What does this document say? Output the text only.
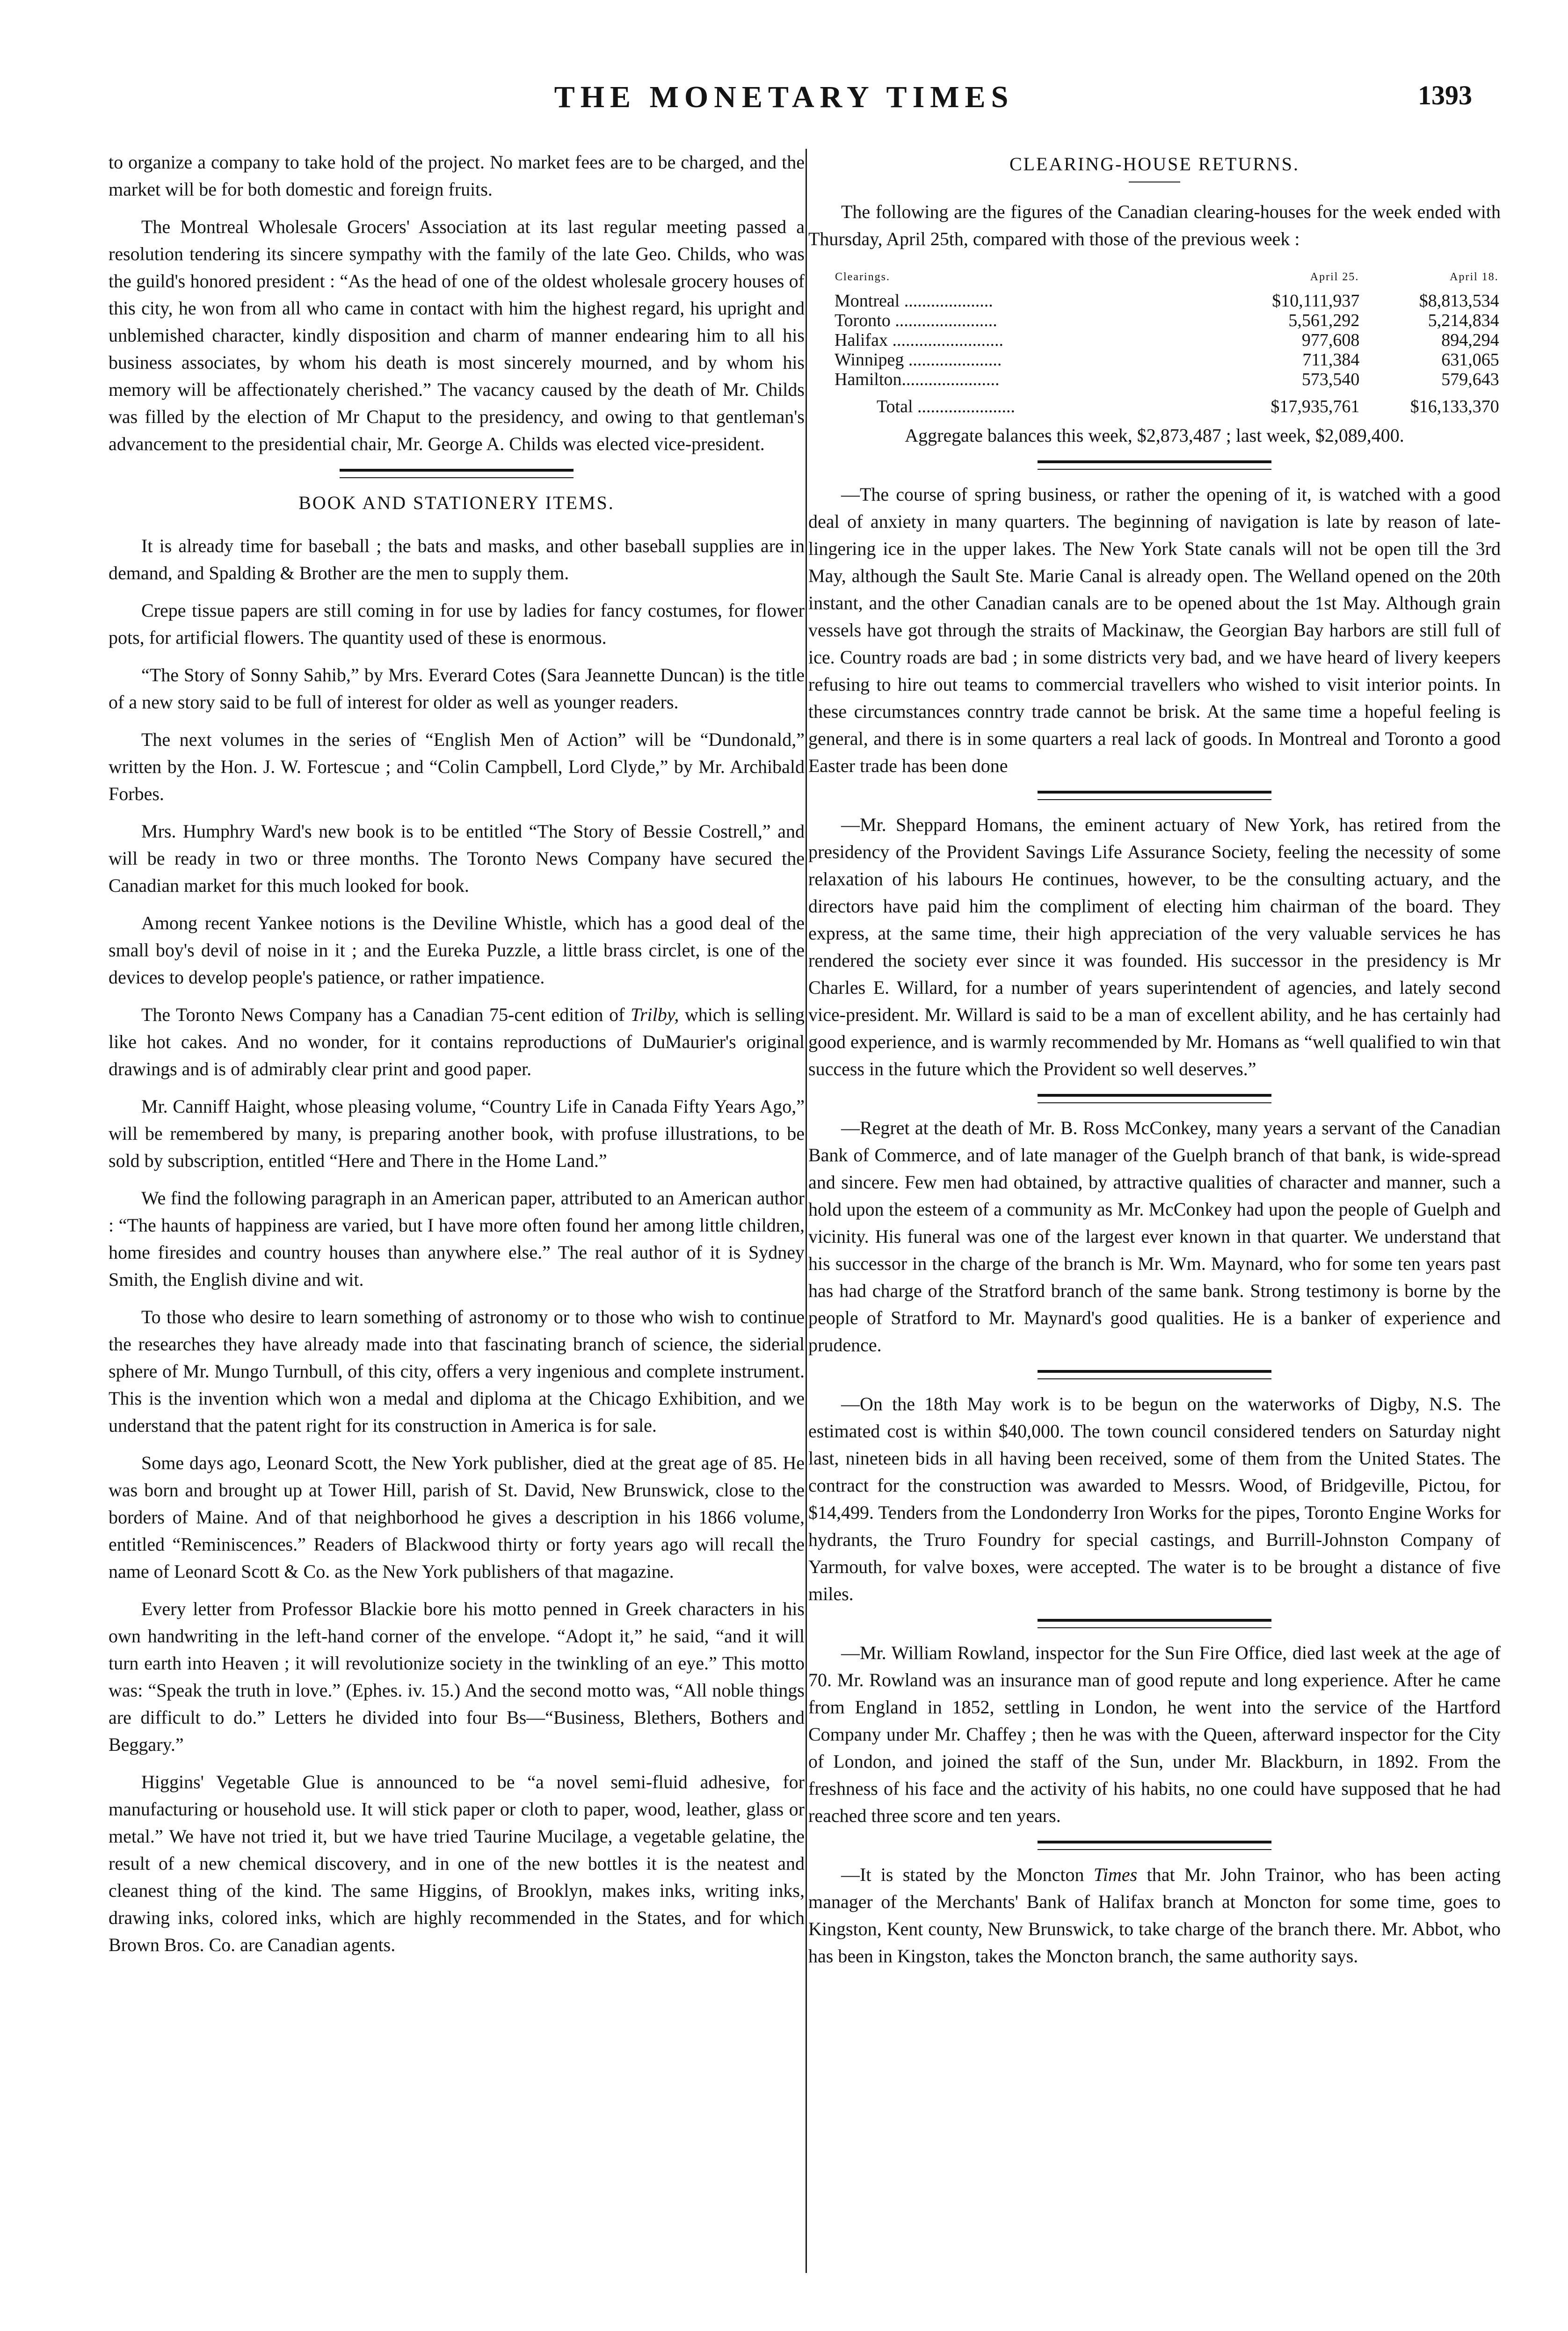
THE MONETARY TIMES	1393

to organize a company to take hold of the project. No market fees are to be charged, and the market will be for both domestic and foreign fruits.

The Montreal Wholesale Grocers' Association at its last regular meeting passed a resolution tendering its sincere sympathy with the family of the late Geo. Childs, who was the guild's honored president : “As the head of one of the oldest wholesale grocery houses of this city, he won from all who came in contact with him the highest regard, his upright and unblemished character, kindly disposition and charm of manner endearing him to all his business associates, by whom his death is most sincerely mourned, and by whom his memory will be affectionately cherished.” The vacancy caused by the death of Mr. Childs was filled by the election of Mr Chaput to the presidency, and owing to that gentleman's advancement to the presidential chair, Mr. George A. Childs was elected vice-president.

BOOK AND STATIONERY ITEMS.

It is already time for baseball ; the bats and masks, and other baseball supplies are in demand, and Spalding & Brother are the men to supply them.

Crepe tissue papers are still coming in for use by ladies for fancy costumes, for flower pots, for artificial flowers. The quantity used of these is enormous.

“The Story of Sonny Sahib,” by Mrs. Everard Cotes (Sara Jeannette Duncan) is the title of a new story said to be full of interest for older as well as younger readers.

The next volumes in the series of “English Men of Action” will be “Dundonald,” written by the Hon. J. W. Fortescue ; and “Colin Campbell, Lord Clyde,” by Mr. Archibald Forbes.

Mrs. Humphry Ward's new book is to be entitled “The Story of Bessie Costrell,” and will be ready in two or three months. The Toronto News Company have secured the Canadian market for this much looked for book.

Among recent Yankee notions is the Deviline Whistle, which has a good deal of the small boy's devil of noise in it ; and the Eureka Puzzle, a little brass circlet, is one of the devices to develop people's patience, or rather impatience.

The Toronto News Company has a Canadian 75-cent edition of Trilby, which is selling like hot cakes. And no wonder, for it contains reproductions of DuMaurier's original drawings and is of admirably clear print and good paper.

Mr. Canniff Haight, whose pleasing volume, “Country Life in Canada Fifty Years Ago,” will be remembered by many, is preparing another book, with profuse illustrations, to be sold by subscription, entitled “Here and There in the Home Land.”

We find the following paragraph in an American paper, attributed to an American author : “The haunts of happiness are varied, but I have more often found her among little children, home firesides and country houses than anywhere else.” The real author of it is Sydney Smith, the English divine and wit.

To those who desire to learn something of astronomy or to those who wish to continue the researches they have already made into that fascinating branch of science, the siderial sphere of Mr. Mungo Turnbull, of this city, offers a very ingenious and complete instrument. This is the invention which won a medal and diploma at the Chicago Exhibition, and we understand that the patent right for its construction in America is for sale.

Some days ago, Leonard Scott, the New York publisher, died at the great age of 85. He was born and brought up at Tower Hill, parish of St. David, New Brunswick, close to the borders of Maine. And of that neighborhood he gives a description in his 1866 volume, entitled “Reminiscences.” Readers of Blackwood thirty or forty years ago will recall the name of Leonard Scott & Co. as the New York publishers of that magazine.

Every letter from Professor Blackie bore his motto penned in Greek characters in his own handwriting in the left-hand corner of the envelope. “Adopt it,” he said, “and it will turn earth into Heaven ; it will revolutionize society in the twinkling of an eye.” This motto was: “Speak the truth in love.” (Ephes. iv. 15.) And the second motto was, “All noble things are difficult to do.” Letters he divided into four Bs—“Business, Blethers, Bothers and Beggary.”

Higgins' Vegetable Glue is announced to be “a novel semi-fluid adhesive, for manufacturing or household use. It will stick paper or cloth to paper, wood, leather, glass or metal.” We have not tried it, but we have tried Taurine Mucilage, a vegetable gelatine, the result of a new chemical discovery, and in one of the new bottles it is the neatest and cleanest thing of the kind. The same Higgins, of Brooklyn, makes inks, writing inks, drawing inks, colored inks, which are highly recommended in the States, and for which Brown Bros. Co. are Canadian agents.

CLEARING-HOUSE RETURNS.

The following are the figures of the Canadian clearing-houses for the week ended with Thursday, April 25th, compared with those of the previous week :

Clearings.	April 25.	April 18.
Montreal ....................	$10,111,937	$8,813,534
Toronto .......................	5,561,292	5,214,834
Halifax .........................	977,608	894,294
Winnipeg .....................	711,384	631,065
Hamilton......................	573,540	579,643
Total ......................	$17,935,761	$16,133,370
Aggregate balances this week, $2,873,487 ; last week, $2,089,400.

—The course of spring business, or rather the opening of it, is watched with a good deal of anxiety in many quarters. The beginning of navigation is late by reason of late-lingering ice in the upper lakes. The New York State canals will not be open till the 3rd May, although the Sault Ste. Marie Canal is already open. The Welland opened on the 20th instant, and the other Canadian canals are to be opened about the 1st May. Although grain vessels have got through the straits of Mackinaw, the Georgian Bay harbors are still full of ice. Country roads are bad ; in some districts very bad, and we have heard of livery keepers refusing to hire out teams to commercial travellers who wished to visit interior points. In these circumstances conntry trade cannot be brisk. At the same time a hopeful feeling is general, and there is in some quarters a real lack of goods. In Montreal and Toronto a good Easter trade has been done

—Mr. Sheppard Homans, the eminent actuary of New York, has retired from the presidency of the Provident Savings Life Assurance Society, feeling the necessity of some relaxation of his labours He continues, however, to be the consulting actuary, and the directors have paid him the compliment of electing him chairman of the board. They express, at the same time, their high appreciation of the very valuable services he has rendered the society ever since it was founded. His successor in the presidency is Mr Charles E. Willard, for a number of years superintendent of agencies, and lately second vice-president. Mr. Willard is said to be a man of excellent ability, and he has certainly had good experience, and is warmly recommended by Mr. Homans as “well qualified to win that success in the future which the Provident so well deserves.”

—Regret at the death of Mr. B. Ross McConkey, many years a servant of the Canadian Bank of Commerce, and of late manager of the Guelph branch of that bank, is wide-spread and sincere. Few men had obtained, by attractive qualities of character and manner, such a hold upon the esteem of a community as Mr. McConkey had upon the people of Guelph and vicinity. His funeral was one of the largest ever known in that quarter. We understand that his successor in the charge of the branch is Mr. Wm. Maynard, who for some ten years past has had charge of the Stratford branch of the same bank. Strong testimony is borne by the people of Stratford to Mr. Maynard's good qualities. He is a banker of experience and prudence.

—On the 18th May work is to be begun on the waterworks of Digby, N.S. The estimated cost is within $40,000. The town council considered tenders on Saturday night last, nineteen bids in all having been received, some of them from the United States. The contract for the construction was awarded to Messrs. Wood, of Bridgeville, Pictou, for $14,499. Tenders from the Londonderry Iron Works for the pipes, Toronto Engine Works for hydrants, the Truro Foundry for special castings, and Burrill-Johnston Company of Yarmouth, for valve boxes, were accepted. The water is to be brought a distance of five miles.

—Mr. William Rowland, inspector for the Sun Fire Office, died last week at the age of 70. Mr. Rowland was an insurance man of good repute and long experience. After he came from England in 1852, settling in London, he went into the service of the Hartford Company under Mr. Chaffey ; then he was with the Queen, afterward inspector for the City of London, and joined the staff of the Sun, under Mr. Blackburn, in 1892. From the freshness of his face and the activity of his habits, no one could have supposed that he had reached three score and ten years.

—It is stated by the Moncton Times that Mr. John Trainor, who has been acting manager of the Merchants' Bank of Halifax branch at Moncton for some time, goes to Kingston, Kent county, New Brunswick, to take charge of the branch there. Mr. Abbot, who has been in Kingston, takes the Moncton branch, the same authority says.
